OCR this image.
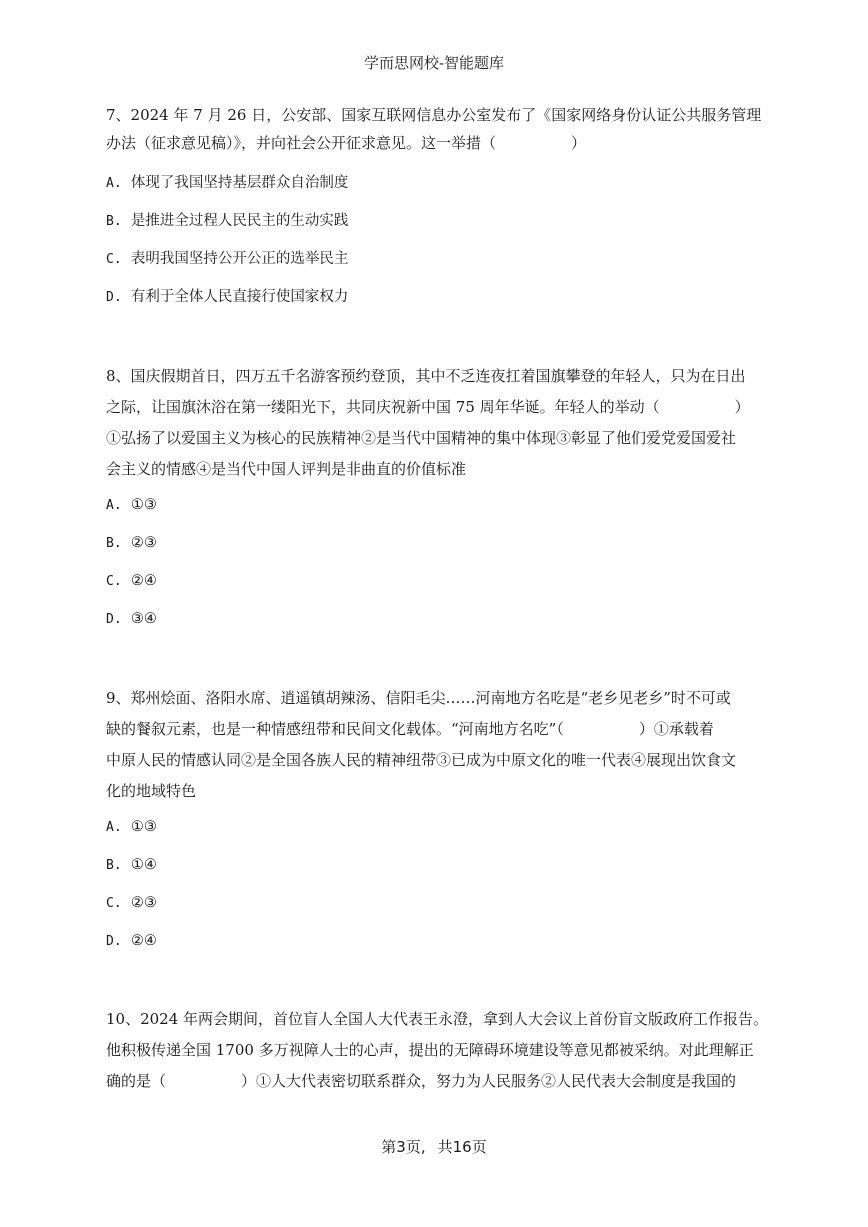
学而思网校-智能题库
7、2024 年 7 月 26 日，公安部、国家互联网信息办公室发布了《国家网络身份认证公共服务管理
办法（征求意见稿）》，并向社会公开征求意见。这一举措（　　　　　）
A. 体现了我国坚持基层群众自治制度
B. 是推进全过程人民民主的生动实践
C. 表明我国坚持公开公正的选举民主
D. 有利于全体人民直接行使国家权力
8、国庆假期首日，四万五千名游客预约登顶，其中不乏连夜扛着国旗攀登的年轻人，只为在日出
之际，让国旗沐浴在第一缕阳光下，共同庆祝新中国 75 周年华诞。年轻人的举动（　　　　　）
①弘扬了以爱国主义为核心的民族精神②是当代中国精神的集中体现③彰显了他们爱党爱国爱社
会主义的情感④是当代中国人评判是非曲直的价值标准
A. ①③
B. ②③
C. ②④
D. ③④
9、郑州烩面、洛阳水席、逍遥镇胡辣汤、信阳毛尖……河南地方名吃是“老乡见老乡”时不可或
缺的餐叙元素，也是一种情感纽带和民间文化载体。“河南地方名吃”（　　　　　）①承载着
中原人民的情感认同②是全国各族人民的精神纽带③已成为中原文化的唯一代表④展现出饮食文
化的地域特色
A. ①③
B. ①④
C. ②③
D. ②④
10、2024 年两会期间，首位盲人全国人大代表王永澄，拿到人大会议上首份盲文版政府工作报告。
他积极传递全国 1700 多万视障人士的心声，提出的无障碍环境建设等意见都被采纳。对此理解正
确的是（　　　　　）①人大代表密切联系群众，努力为人民服务②人民代表大会制度是我国的
第3页, 共16页
